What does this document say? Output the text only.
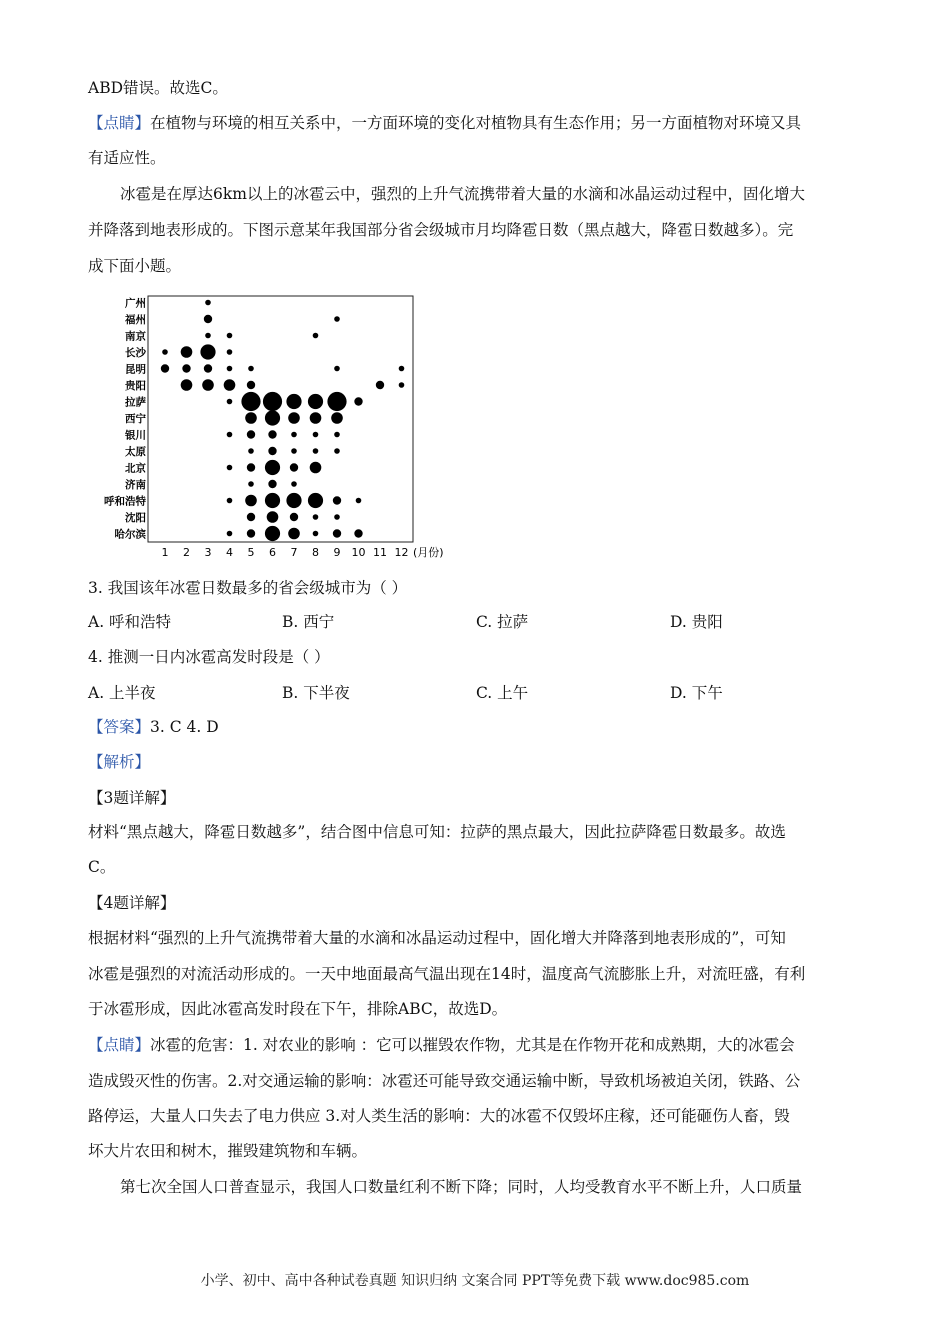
ABD错误。故选C。
【点睛】在植物与环境的相互关系中，一方面环境的变化对植物具有生态作用；另一方面植物对环境又具
有适应性。
冰雹是在厚达6km以上的冰雹云中，强烈的上升气流携带着大量的水滴和冰晶运动过程中，固化增大
并降落到地表形成的。下图示意某年我国部分省会级城市月均降雹日数（黑点越大，降雹日数越多）。完
成下面小题。
广州
福州
南京
长沙
昆明
贵阳
拉萨
西宁
银川
太原
北京
济南
呼和浩特
沈阳
哈尔滨
1 2 3 4 5 6 7 8 9 10 11 12 (月份)
3. 我国该年冰雹日数最多的省会级城市为（ ）
A. 呼和浩特	B. 西宁	C. 拉萨	D. 贵阳
4. 推测一日内冰雹高发时段是（ ）
A. 上半夜	B. 下半夜	C. 上午	D. 下午
【答案】3. C 4. D
【解析】
【3题详解】
材料“黑点越大，降雹日数越多”，结合图中信息可知：拉萨的黑点最大，因此拉萨降雹日数最多。故选
C。
【4题详解】
根据材料“强烈的上升气流携带着大量的水滴和冰晶运动过程中，固化增大并降落到地表形成的”，可知
冰雹是强烈的对流活动形成的。一天中地面最高气温出现在14时，温度高气流膨胀上升，对流旺盛，有利
于冰雹形成，因此冰雹高发时段在下午，排除ABC，故选D。
【点睛】冰雹的危害：1. 对农业的影响 ：它可以摧毁农作物，尤其是在作物开花和成熟期，大的冰雹会
造成毁灭性的伤害。2.对交通运输的影响：冰雹还可能导致交通运输中断，导致机场被迫关闭，铁路、公
路停运，大量人口失去了电力供应 3.对人类生活的影响：大的冰雹不仅毁坏庄稼，还可能砸伤人畜，毁
坏大片农田和树木，摧毁建筑物和车辆。
第七次全国人口普查显示，我国人口数量红利不断下降；同时，人均受教育水平不断上升，人口质量
小学、初中、高中各种试卷真题 知识归纳 文案合同 PPT等免费下载 www.doc985.com
